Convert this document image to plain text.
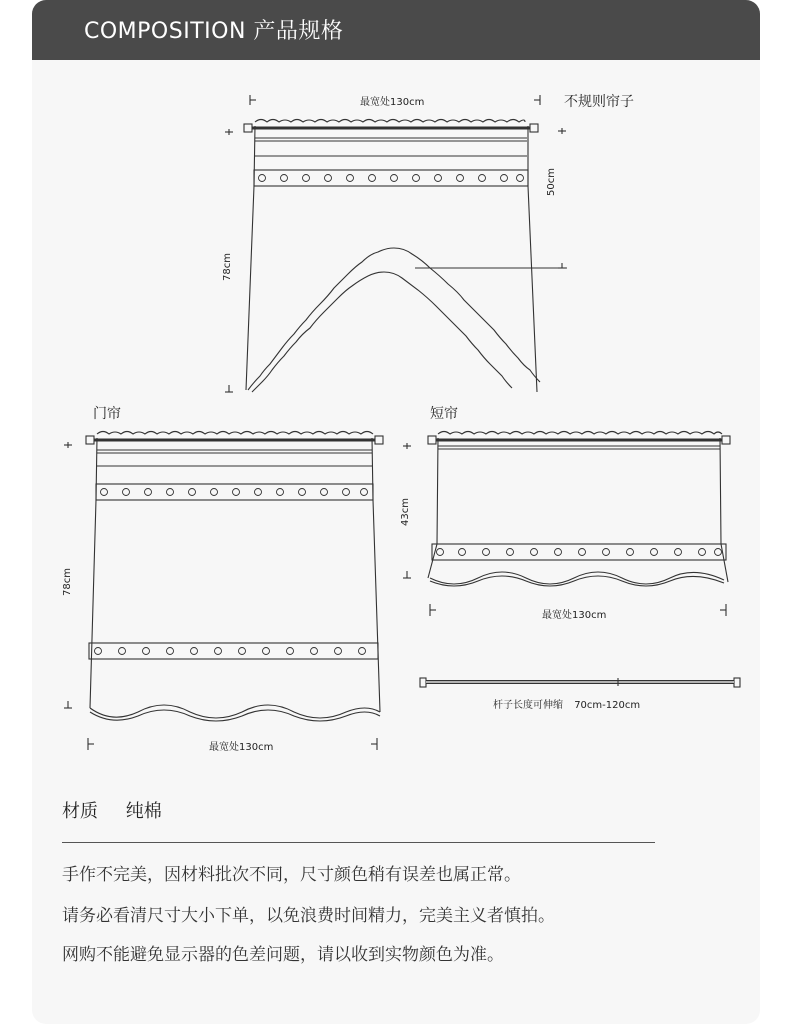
COMPOSITION 产品规格
最宽处130cm	不规则帘子
50cm
78cm
门帘
78cm
最宽处130cm
短帘
43cm
最宽处130cm
杆子长度可伸缩 70cm-120cm
材质 纯棉
手作不完美，因材料批次不同，尺寸颜色稍有误差也属正常。
请务必看清尺寸大小下单，以免浪费时间精力，完美主义者慎拍。
网购不能避免显示器的色差问题，请以收到实物颜色为准。
